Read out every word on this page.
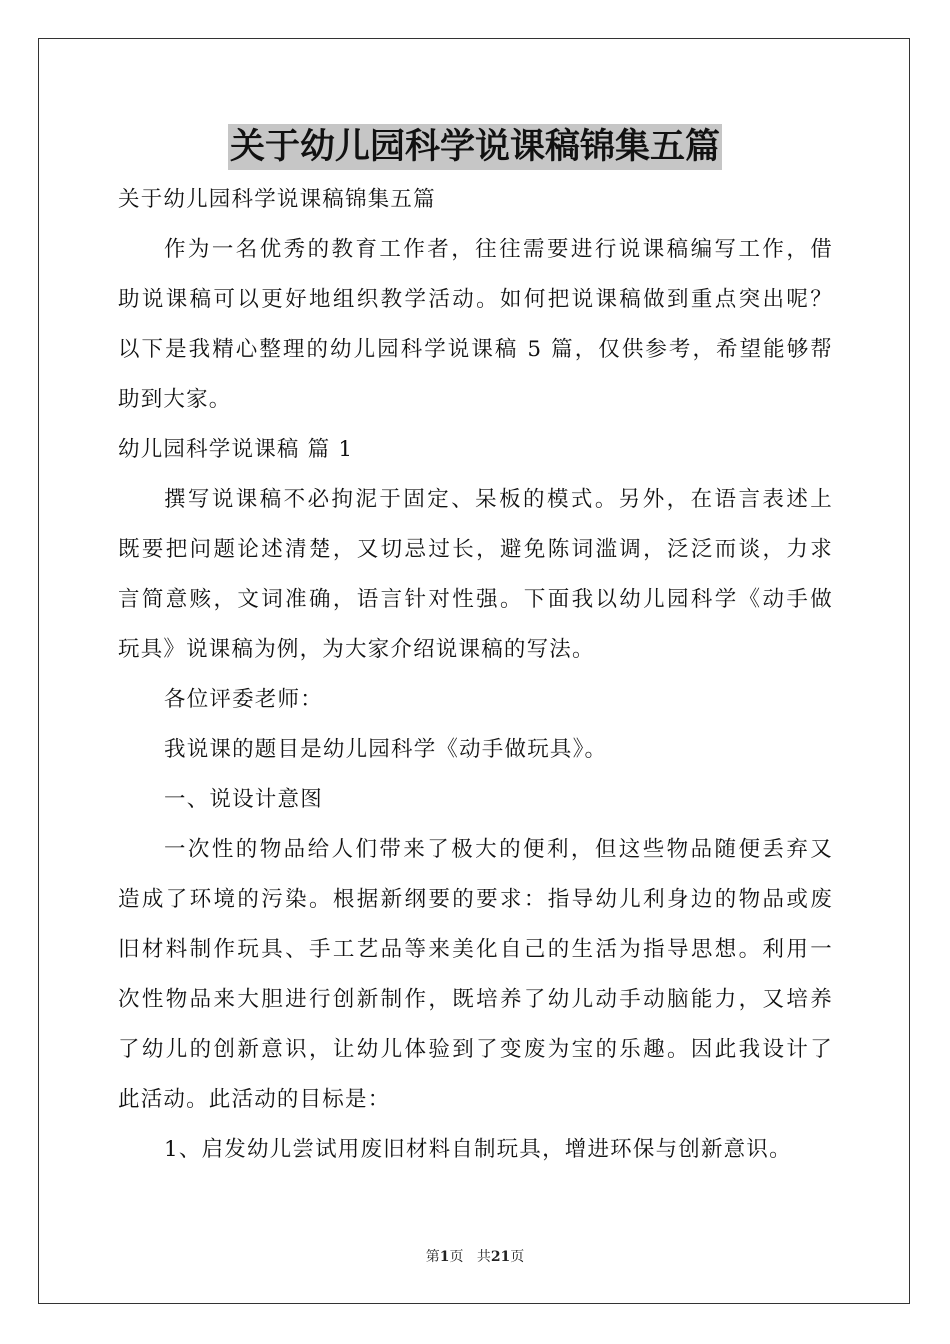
关于幼儿园科学说课稿锦集五篇
关于幼儿园科学说课稿锦集五篇
作为一名优秀的教育工作者，往往需要进行说课稿编写工作，借
助说课稿可以更好地组织教学活动。如何把说课稿做到重点突出呢？
以下是我精心整理的幼儿园科学说课稿 5 篇，仅供参考，希望能够帮
助到大家。
幼儿园科学说课稿 篇 1
撰写说课稿不必拘泥于固定、呆板的模式。另外，在语言表述上
既要把问题论述清楚，又切忌过长，避免陈词滥调，泛泛而谈，力求
言简意赅，文词准确，语言针对性强。下面我以幼儿园科学《动手做
玩具》说课稿为例，为大家介绍说课稿的写法。
各位评委老师：
我说课的题目是幼儿园科学《动手做玩具》。
一、说设计意图
一次性的物品给人们带来了极大的便利，但这些物品随便丢弃又
造成了环境的污染。根据新纲要的要求：指导幼儿利身边的物品或废
旧材料制作玩具、手工艺品等来美化自己的生活为指导思想。利用一
次性物品来大胆进行创新制作，既培养了幼儿动手动脑能力，又培养
了幼儿的创新意识，让幼儿体验到了变废为宝的乐趣。因此我设计了
此活动。此活动的目标是：
1、启发幼儿尝试用废旧材料自制玩具，增进环保与创新意识。
第1页 共21页
